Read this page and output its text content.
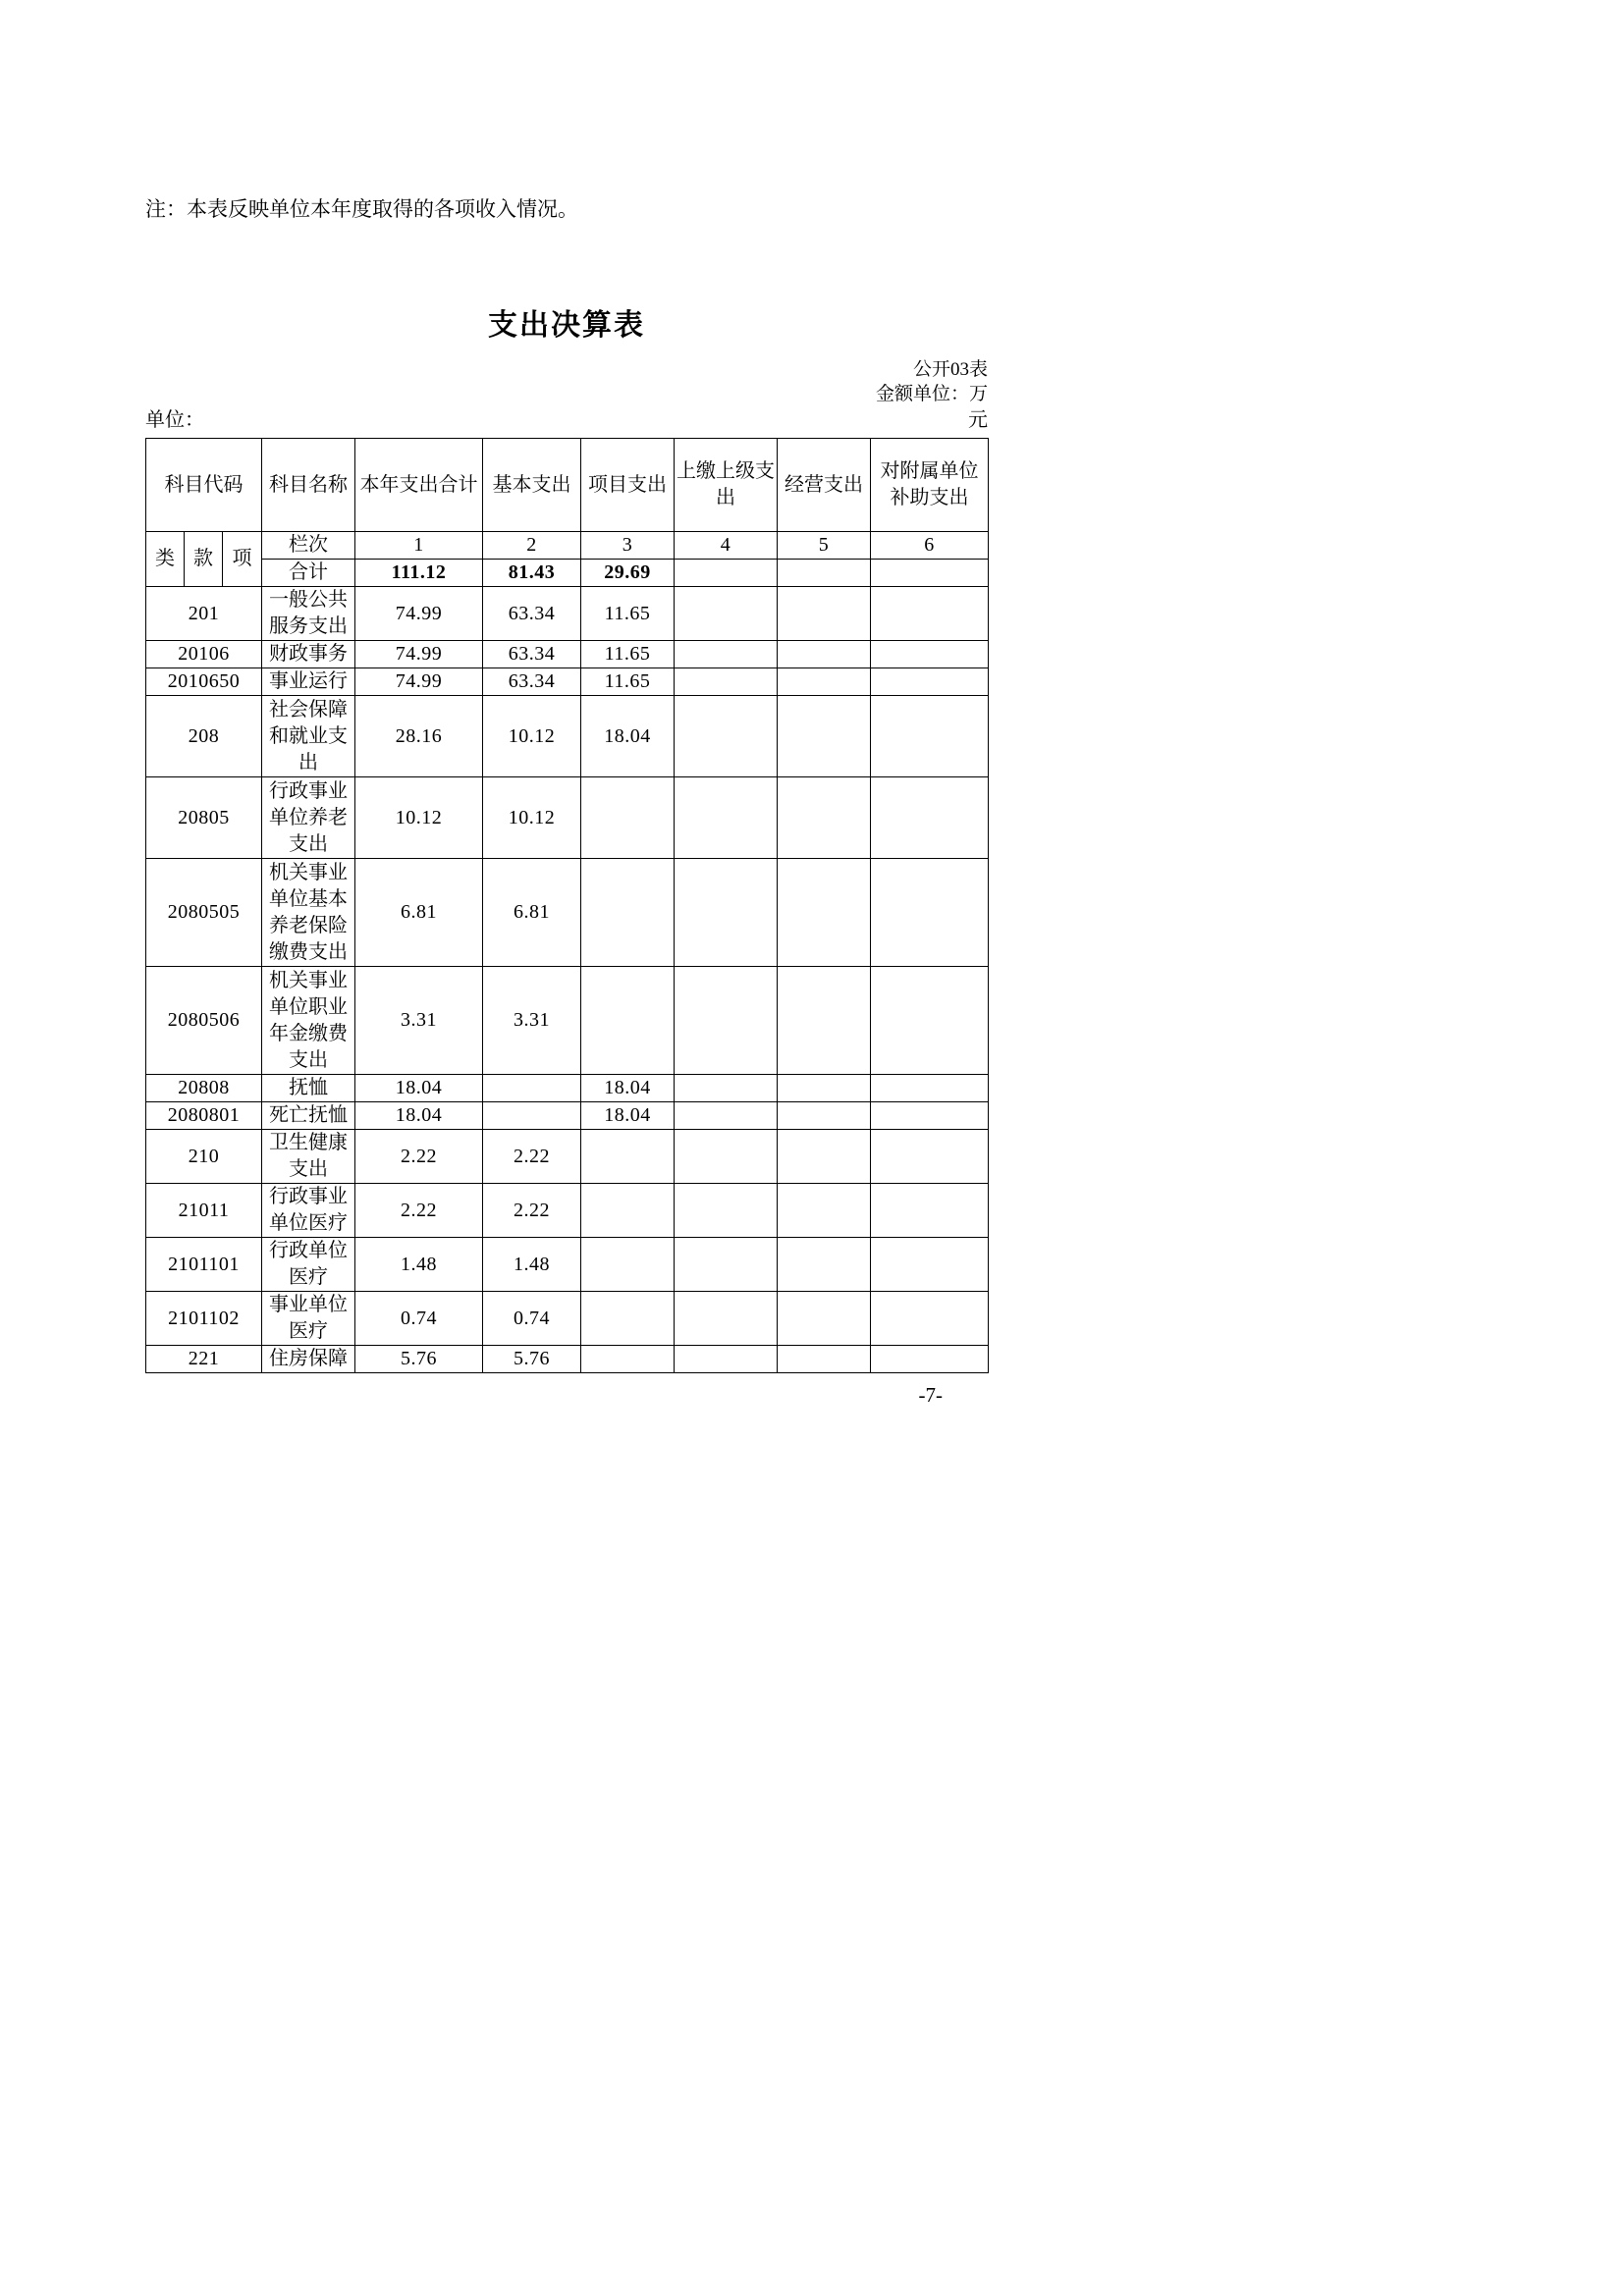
注：本表反映单位本年度取得的各项收入情况。

支出决算表
公开03表
金额单位：万
单位：	元
科目代码			科目名称	本年支出合计	基本支出	项目支出	上缴上级支出	经营支出	对附属单位补助支出
类	款	项	栏次	1	2	3	4	5	6
			合计	111.12	81.43	29.69			
201			一般公共服务支出	74.99	63.34	11.65			
20106			财政事务	74.99	63.34	11.65			
2010650			事业运行	74.99	63.34	11.65			
208			社会保障和就业支出	28.16	10.12	18.04			
20805			行政事业单位养老支出	10.12	10.12				
2080505			机关事业单位基本养老保险缴费支出	6.81	6.81				
2080506			机关事业单位职业年金缴费支出	3.31	3.31				
20808			抚恤	18.04		18.04			
2080801			死亡抚恤	18.04		18.04			
210			卫生健康支出	2.22	2.22				
21011			行政事业单位医疗	2.22	2.22				
2101101			行政单位医疗	1.48	1.48				
2101102			事业单位医疗	0.74	0.74				
221			住房保障	5.76	5.76				
-7-
